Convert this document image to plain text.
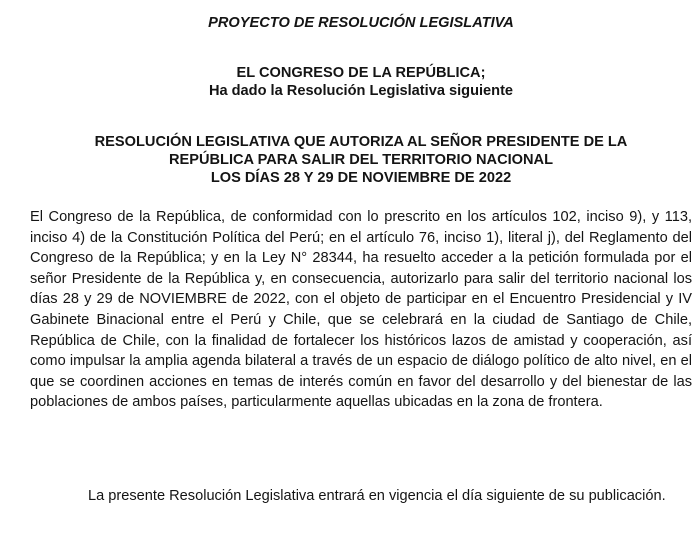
PROYECTO DE RESOLUCIÓN LEGISLATIVA

EL CONGRESO DE LA REPÚBLICA;

Ha dado la Resolución Legislativa siguiente

RESOLUCIÓN LEGISLATIVA QUE AUTORIZA AL SEÑOR PRESIDENTE DE LA

REPÚBLICA PARA SALIR DEL TERRITORIO NACIONAL

LOS DÍAS 28 Y 29 DE NOVIEMBRE DE 2022

El Congreso de la República, de conformidad con lo prescrito en los artículos 102, inciso 9), y 113, inciso 4) de la Constitución Política del Perú; en el artículo 76, inciso 1), literal j), del Reglamento del Congreso de la República; y en la Ley N° 28344, ha resuelto acceder a la petición formulada por el señor Presidente de la República y, en consecuencia, autorizarlo para salir del territorio nacional los días 28 y 29 de NOVIEMBRE de 2022, con el objeto de participar en el Encuentro Presidencial y IV Gabinete Binacional entre el Perú y Chile, que se celebrará en la ciudad de Santiago de Chile, República de Chile, con la finalidad de fortalecer los históricos lazos de amistad y cooperación, así como impulsar la amplia agenda bilateral a través de un espacio de diálogo político de alto nivel, en el que se coordinen acciones en temas de interés común en favor del desarrollo y del bienestar de las poblaciones de ambos países, particularmente aquellas ubicadas en la zona de frontera.

La presente Resolución Legislativa entrará en vigencia el día siguiente de su publicación.
